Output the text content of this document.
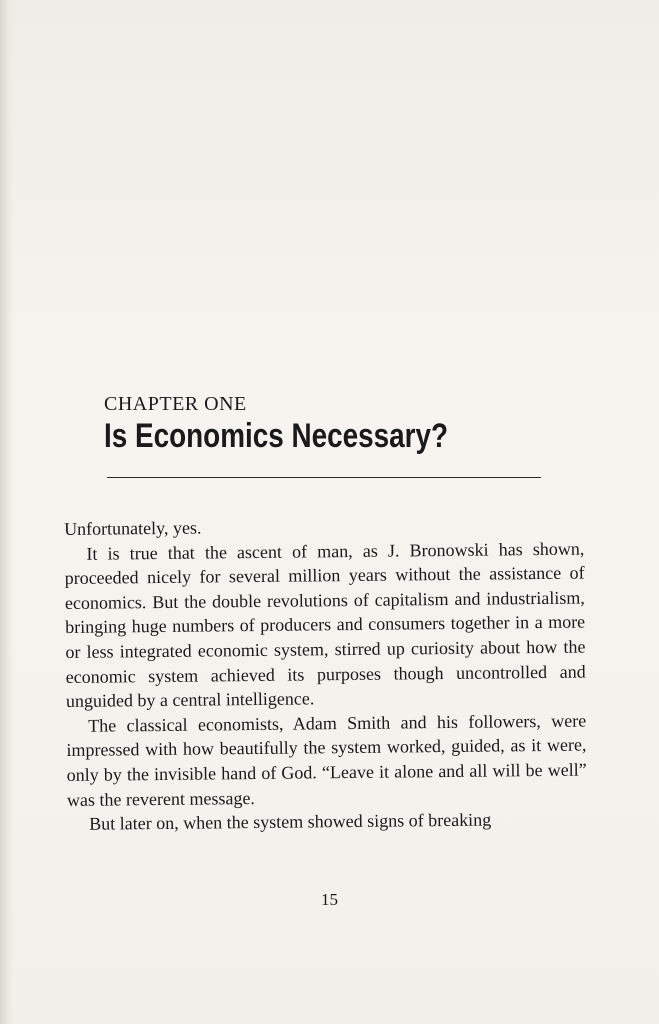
CHAPTER ONE

Is Economics Necessary?

Unfortunately, yes.

It is true that the ascent of man, as J. Bronowski has shown, proceeded nicely for several million years without the assistance of economics. But the double revolutions of capitalism and industrialism, bringing huge numbers of producers and consumers together in a more or less integrated economic system, stirred up curiosity about how the economic system achieved its purposes though uncontrolled and unguided by a central intelligence.

The classical economists, Adam Smith and his followers, were impressed with how beautifully the system worked, guided, as it were, only by the invisible hand of God. “Leave it alone and all will be well” was the reverent message.

But later on, when the system showed signs of breaking

15
